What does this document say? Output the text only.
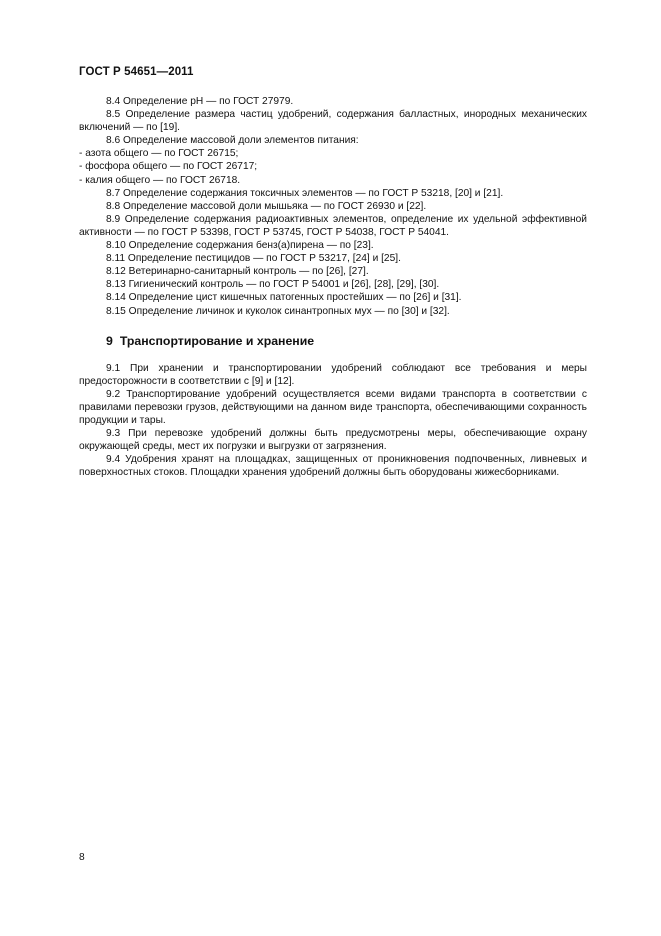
ГОСТ Р 54651—2011

8.4 Определение pH — по ГОСТ 27979.

8.5 Определение размера частиц удобрений, содержания балластных, инородных механических включений — по [19].

8.6 Определение массовой доли элементов питания:

- азота общего — по ГОСТ 26715;

- фосфора общего — по ГОСТ 26717;

- калия общего — по ГОСТ 26718.

8.7 Определение содержания токсичных элементов — по ГОСТ Р 53218, [20] и [21].

8.8 Определение массовой доли мышьяка — по ГОСТ 26930 и [22].

8.9 Определение содержания радиоактивных элементов, определение их удельной эффективной активности — по ГОСТ Р 53398, ГОСТ Р 53745, ГОСТ Р 54038, ГОСТ Р 54041.

8.10 Определение содержания бенз(а)пирена — по [23].

8.11 Определение пестицидов — по ГОСТ Р 53217, [24] и [25].

8.12 Ветеринарно-санитарный контроль — по [26], [27].

8.13 Гигиенический контроль — по ГОСТ Р 54001 и [26], [28], [29], [30].

8.14 Определение цист кишечных патогенных простейших — по [26] и [31].

8.15 Определение личинок и куколок синантропных мух — по [30] и [32].

9 Транспортирование и хранение

9.1 При хранении и транспортировании удобрений соблюдают все требования и меры предосторожности в соответствии с [9] и [12].

9.2 Транспортирование удобрений осуществляется всеми видами транспорта в соответствии с правилами перевозки грузов, действующими на данном виде транспорта, обеспечивающими сохранность продукции и тары.

9.3 При перевозке удобрений должны быть предусмотрены меры, обеспечивающие охрану окружающей среды, мест их погрузки и выгрузки от загрязнения.

9.4 Удобрения хранят на площадках, защищенных от проникновения подпочвенных, ливневых и поверхностных стоков. Площадки хранения удобрений должны быть оборудованы жижесборниками.

8
